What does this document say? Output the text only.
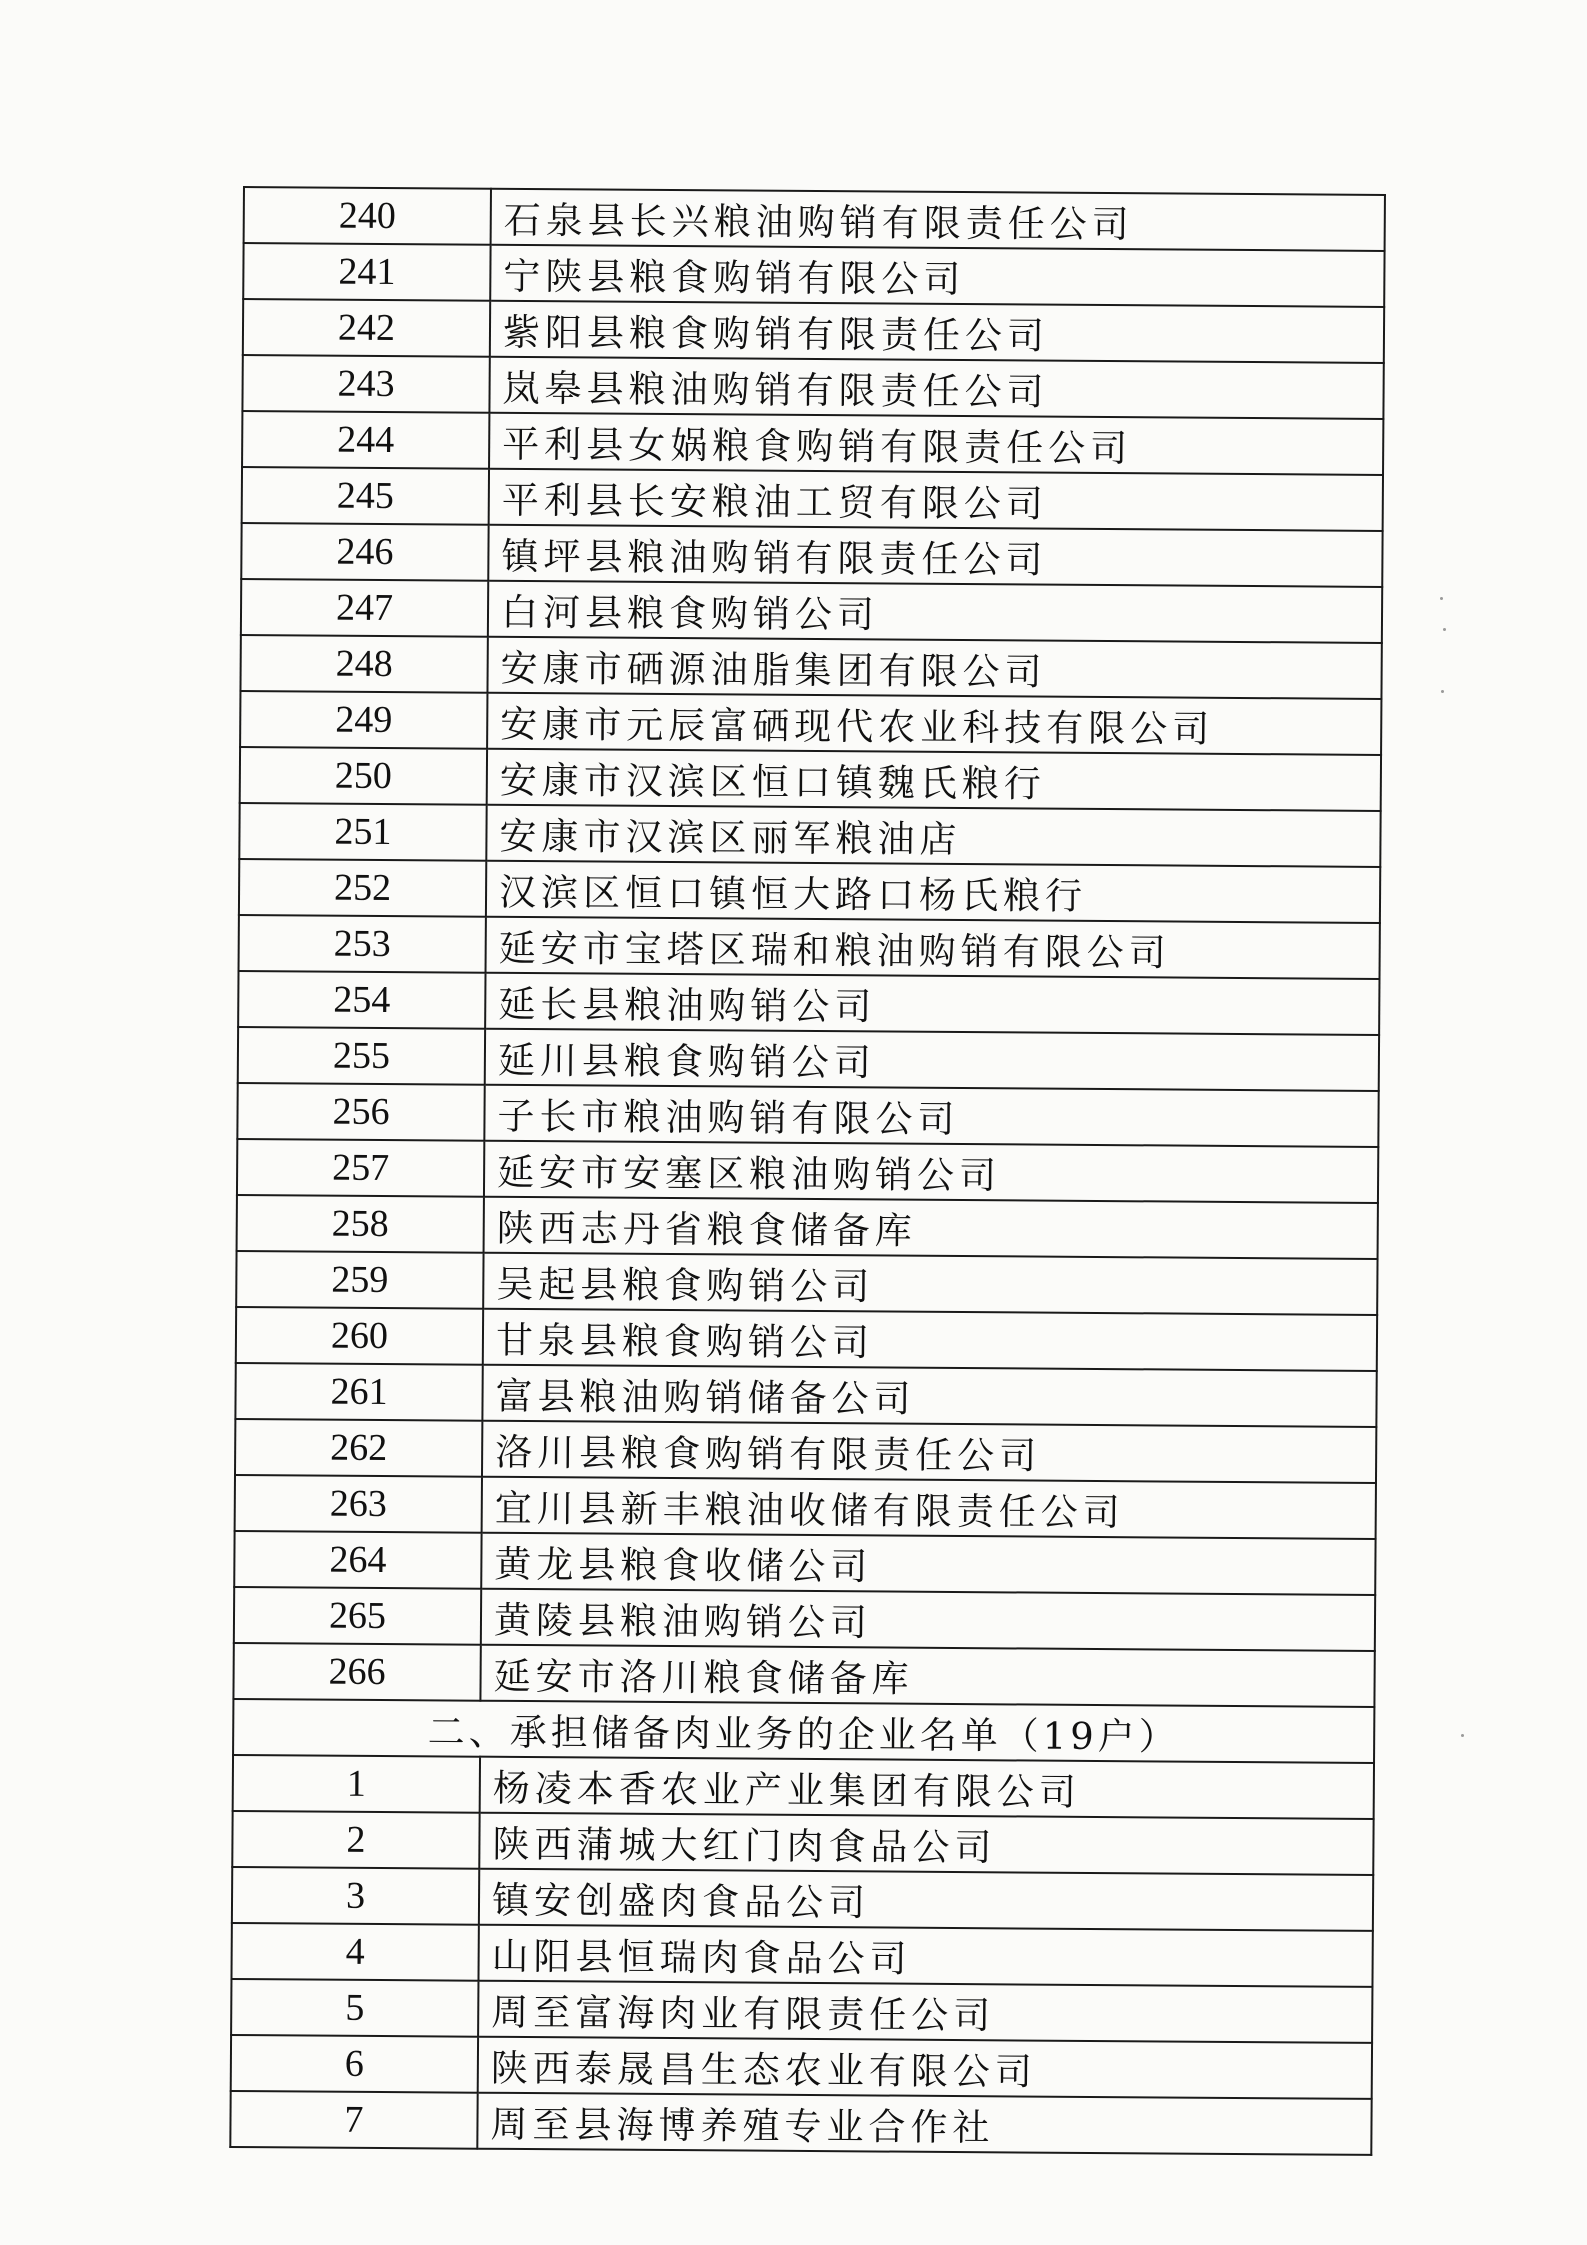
240	石泉县长兴粮油购销有限责任公司
241	宁陕县粮食购销有限公司
242	紫阳县粮食购销有限责任公司
243	岚皋县粮油购销有限责任公司
244	平利县女娲粮食购销有限责任公司
245	平利县长安粮油工贸有限公司
246	镇坪县粮油购销有限责任公司
247	白河县粮食购销公司
248	安康市硒源油脂集团有限公司
249	安康市元辰富硒现代农业科技有限公司
250	安康市汉滨区恒口镇魏氏粮行
251	安康市汉滨区丽军粮油店
252	汉滨区恒口镇恒大路口杨氏粮行
253	延安市宝塔区瑞和粮油购销有限公司
254	延长县粮油购销公司
255	延川县粮食购销公司
256	子长市粮油购销有限公司
257	延安市安塞区粮油购销公司
258	陕西志丹省粮食储备库
259	吴起县粮食购销公司
260	甘泉县粮食购销公司
261	富县粮油购销储备公司
262	洛川县粮食购销有限责任公司
263	宜川县新丰粮油收储有限责任公司
264	黄龙县粮食收储公司
265	黄陵县粮油购销公司
266	延安市洛川粮食储备库
二、承担储备肉业务的企业名单（19户）	
1	杨凌本香农业产业集团有限公司
2	陕西蒲城大红门肉食品公司
3	镇安创盛肉食品公司
4	山阳县恒瑞肉食品公司
5	周至富海肉业有限责任公司
6	陕西泰晟昌生态农业有限公司
7	周至县海博养殖专业合作社
